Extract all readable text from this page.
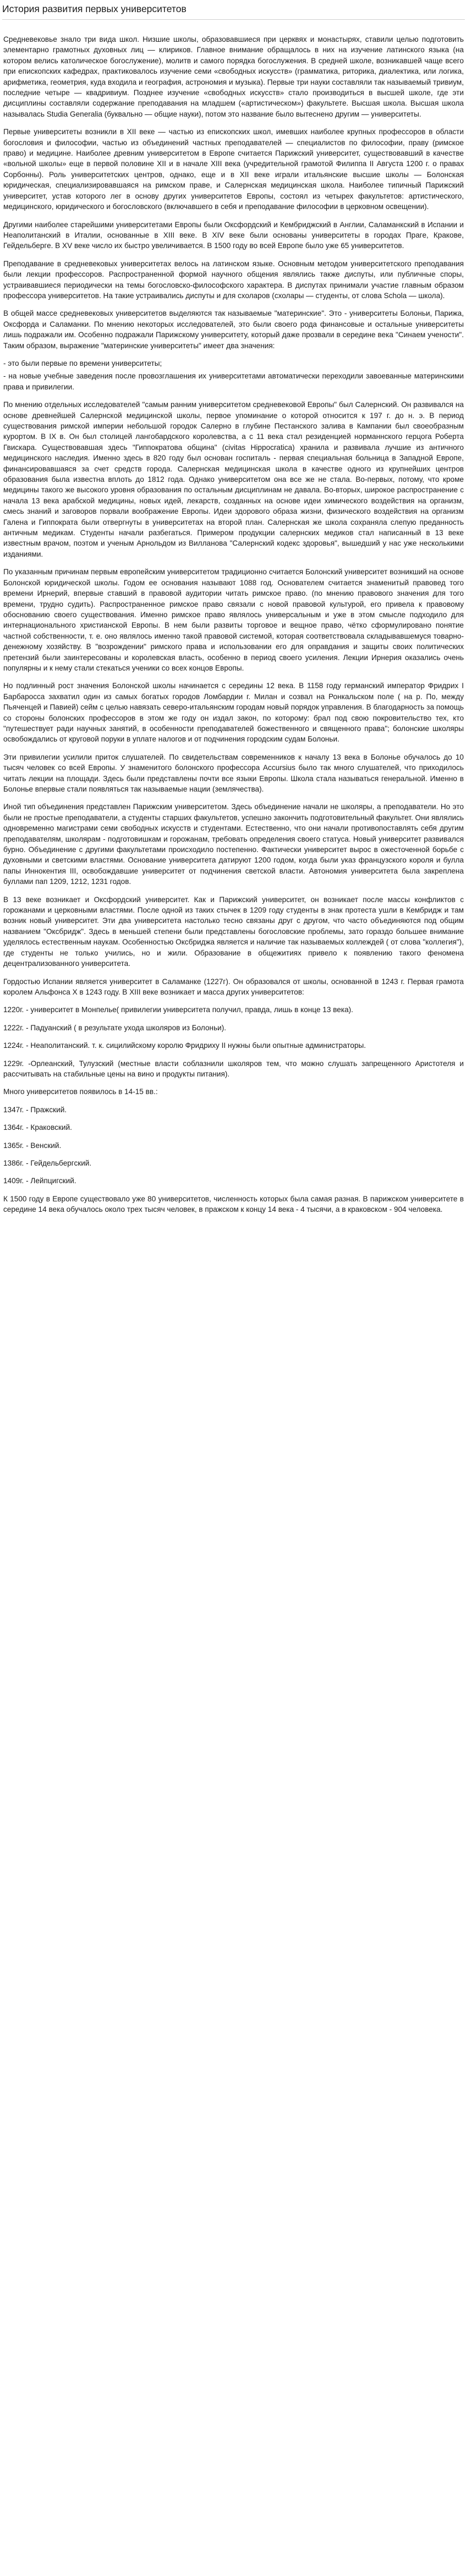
История развития первых университетов

Средневековье знало три вида школ. Низшие школы, образовавшиеся при церквях и монастырях, ставили целью подготовить элементарно грамотных духовных лиц — клириков. Главное внимание обращалось в них на изучение латинского языка (на котором велись католическое богослужение), молитв и самого порядка богослужения. В средней школе, возникавшей чаще всего при епископских кафедрах, практиковалось изучение семи «свободных искусств» (грамматика, риторика, диалектика, или логика, арифметика, геометрия, куда входила и география, астрономия и музыка). Первые три науки составляли так называемый тривиум, последние четыре — квадривиум. Позднее изучение «свободных искусств» стало производиться в высшей школе, где эти дисциплины составляли содержание преподавания на младшем («артистическом») факультете. Высшая школа. Высшая школа называлась Studia Generalia (буквально — общие науки), потом это название было вытеснено другим — университеты.

Первые университеты возникли в XII веке — частью из епископских школ, имевших наиболее крупных профессоров в области богословия и философии, частью из объединений частных преподавателей — специалистов по философии, праву (римское право) и медицине. Наиболее древним университетом в Европе считается Парижский университет, существовавший в качестве «вольной школы» еще в первой половине XII и в начале XIII века (учредительной грамотой Филиппа II Августа 1200 г. о правах Сорбонны). Роль университетских центров, однако, еще и в XII веке играли итальянские высшие школы — Болонская юридическая, специализировавшаяся на римском праве, и Салернская медицинская школа. Наиболее типичный Парижский университет, устав которого лег в основу других университетов Европы, состоял из четырех факультетов: артистического, медицинского, юридического и богословского (включавшего в себя и преподавание философии в церковном освещении).

Другими наиболее старейшими университетами Европы были Оксфордский и Кембриджский в Англии, Саламанкский в Испании и Неаполитанский в Италии, основанные в XIII веке. В XIV веке были основаны университеты в городах Праге, Кракове, Гейдельберге. В XV веке число их быстро увеличивается. В 1500 году во всей Европе было уже 65 университетов.

Преподавание в средневековых университетах велось на латинском языке. Основным методом университетского преподавания были лекции профессоров. Распространенной формой научного общения являлись также диспуты, или публичные споры, устраивавшиеся периодически на темы богословско-философского характера. В диспутах принимали участие главным образом профессора университетов. На такие устраивались диспуты и для схоларов (схолары — студенты, от слова Schola — школа).

В общей массе средневековых университетов выделяются так называемые "материнские". Это - университеты Болоньи, Парижа, Оксфорда и Саламанки. По мнению некоторых исследователей, это были своего рода финансовые и остальные университеты лишь подражали им. Особенно подражали Парижскому университету, который даже прозвали в середине века "Синаем учености". Таким образом, выражение "материнские университеты" имеет два значения:

- это были первые по времени университеты;

- на новые учебные заведения после провозглашения их университетами автоматически переходили завоеванные материнскими права и привилегии.

По мнению отдельных исследователей "самым ранним университетом средневековой Европы" был Салернский. Он развивался на основе древнейшей Салернской медицинской школы, первое упоминание о которой относится к 197 г. до н. э. В период существования римской империи небольшой городок Салерно в глубине Пестанского залива в Кампании был своеобразным курортом. В IX в. Он был столицей лангобардского королевства, а с 11 века стал резиденцией норманнского герцога Роберта Гвискара. Существовавшая здесь "Гиппократова община" (civitas Hippocratica) хранила и развивала лучшие из античного медицинского наследия. Именно здесь в 820 году был основан госпиталь - первая специальная больница в Западной Европе, финансировавшаяся за счет средств города. Салернская медицинская школа в качестве одного из крупнейших центров образования была известна вплоть до 1812 года. Однако университетом она все же не стала. Во-первых, потому, что кроме медицины такого же высокого уровня образования по остальным дисциплинам не давала. Во-вторых, широкое распространение с начала 13 века арабской медицины, новых идей, лекарств, созданных на основе идеи химического воздействия на организм, смесь знаний и заговоров порвали воображение Европы. Идеи здорового образа жизни, физического воздействия на организм Галена и Гиппократа были отвергнуты в университетах на второй план. Салернская же школа сохраняла слепую преданность античным медикам. Студенты начали разбегаться. Примером продукции салернских медиков стал написанный в 13 веке известным врачом, поэтом и ученым Арнольдом из Вилланова "Салернский кодекс здоровья", вышедший у нас уже несколькими изданиями.

По указанным причинам первым европейским университетом традиционно считается Болонский университет возникший на основе Болонской юридической школы. Годом ее основания называют 1088 год. Основателем считается знаменитый правовед того времени Ирнерий, впервые ставший в правовой аудитории читать римское право. (по мнению правового значения для того времени, трудно судить). Распространенное римское право связали с новой правовой культурой, его привела к правовому обоснованию своего существования. Именно римское право являлось универсальным и уже в этом смысле подходило для интернационального христианской Европы. В нем были развиты торговое и вещное право, чётко сформулировано понятие частной собственности, т. е. оно являлось именно такой правовой системой, которая соответствовала складывавшемуся товарно-денежному хозяйству. В "возрождении" римского права и использовании его для оправдания и защиты своих политических претензий были заинтересованы и королевская власть, особенно в период своего усиления. Лекции Ирнерия оказались очень популярны и к нему стали стекаться ученики со всех концов Европы.

Но подлинный рост значения Болонской школы начинается с середины 12 века. В 1158 году германский император Фридрих I Барбаросса захватил один из самых богатых городов Ломбардии г. Милан и созвал на Ронкальском поле ( на р. По, между Пьяченцей и Павией) сейм с целью навязать северо-итальянским городам новый порядок управления. В благодарность за помощь со стороны болонских профессоров в этом же году он издал закон, по которому: брал под свою покровительство тех, кто "путешествует ради научных занятий, в особенности преподавателей божественного и священного права"; болонские школяры освобождались от круговой поруки в уплате налогов и от подчинения городским судам Болоньи.

Эти привилегии усилили приток слушателей. По свидетельствам современников к началу 13 века в Болонье обучалось до 10 тысяч человек со всей Европы. У знаменитого болонского профессора Accursius было так много слушателей, что приходилось читать лекции на площади. Здесь были представлены почти все языки Европы. Школа стала называться генеральной. Именно в Болонье впервые стали появляться так называемые нации (землячества).

Иной тип объединения представлен Парижским университетом. Здесь объединение начали не школяры, а преподаватели. Но это были не простые преподаватели, а студенты старших факультетов, успешно закончить подготовительный факультет. Они являлись одновременно магистрами семи свободных искусств и студентами. Естественно, что они начали противопоставлять себя другим преподавателям, школярам - подготовишкам и горожанам, требовать определения своего статуса. Новый университет развивался бурно. Объединение с другими факультетами происходило постепенно. Фактически университет вырос в ожесточенной борьбе с духовными и светскими властями. Основание университета датируют 1200 годом, когда были указ французского короля и булла папы Иннокентия III, освобождавшие университет от подчинения светской власти. Автономия университета была закреплена буллами пап 1209, 1212, 1231 годов.

В 13 веке возникает и Оксфордский университет. Как и Парижский университет, он возникает после массы конфликтов с горожанами и церковными властями. После одной из таких стычек в 1209 году студенты в знак протеста ушли в Кембридж и там возник новый университет. Эти два университета настолько тесно связаны друг с другом, что часто объединяются под общим названием "Оксбридж". Здесь в меньшей степени были представлены богословские проблемы, зато гораздо большее внимание уделялось естественным наукам. Особенностью Оксбриджа является и наличие так называемых коллеждей ( от слова "коллегия"), где студенты не только учились, но и жили. Образование в общежитиях привело к появлению такого феномена децентрализованного университета.

Гордостью Испании является университет в Саламанке (1227г). Он образовался от школы, основанной в 1243 г. Первая грамота королем Альфонса X в 1243 году. В XIII веке возникает и масса других университетов:

1220г. - университет в Монпелье( привилегии университета получил, правда, лишь в конце 13 века).

1222г. - Падуанский ( в результате ухода школяров из Болоньи).

1224г. - Неаполитанский. т. к. сицилийскому королю Фридриху II нужны были опытные администраторы.

1229г. -Орлеанский, Тулузский (местные власти соблазнили школяров тем, что можно слушать запрещенного Аристотеля и рассчитывать на стабильные цены на вино и продукты питания).

Много университетов появилось в 14-15 вв.:

1347г. - Пражский.

1364г. - Краковский.

1365г. - Венский.

1386г. - Гейдельбергский.

1409г. - Лейпцигский.

К 1500 году в Европе существовало уже 80 университетов, численность которых была самая разная. В парижском университете в середине 14 века обучалось около трех тысяч человек, в пражском к концу 14 века - 4 тысячи, а в краковском - 904 человека.
